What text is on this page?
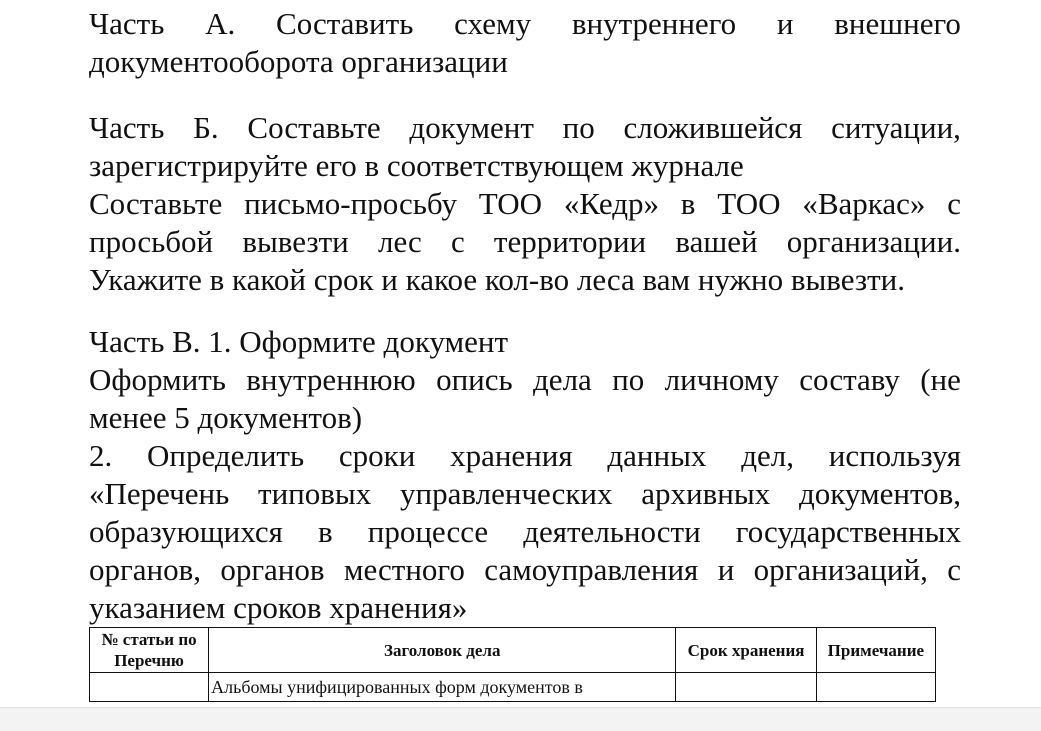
Часть А. Составить схему внутреннего и внешнего
документооборота организации
Часть Б. Составьте документ по сложившейся ситуации,
зарегистрируйте его в соответствующем журнале
Составьте письмо-просьбу ТОО «Кедр» в ТОО «Варкас» с
просьбой вывезти лес с территории вашей организации.
Укажите в какой срок и какое кол-во леса вам нужно вывезти.
Часть В. 1. Оформите документ
Оформить внутреннюю опись дела по личному составу (не
менее 5 документов)
2. Определить сроки хранения данных дел, используя
«Перечень типовых управленческих архивных документов,
образующихся в процессе деятельности государственных
органов, органов местного самоуправления и организаций, с
указанием сроков хранения»
№ статьи по
Перечню	Заголовок дела	Срок хранения	Примечание
	Альбомы унифицированных форм документов в		
